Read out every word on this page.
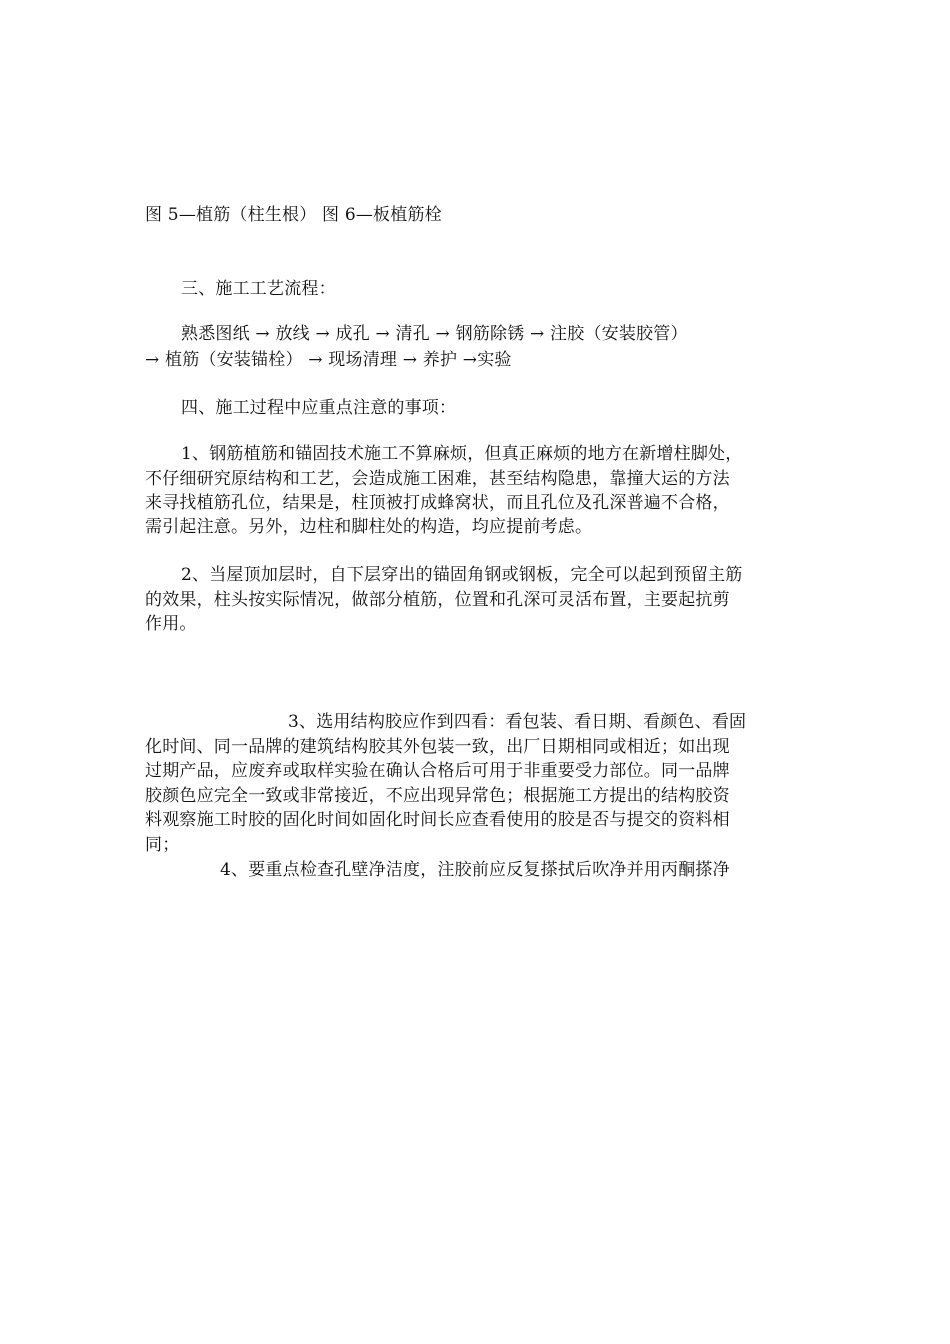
图 5—植筋（柱生根） 图 6—板植筋栓
三、施工工艺流程：
熟悉图纸 → 放线 → 成孔 → 清孔 → 钢筋除锈 → 注胶（安装胶管）
→ 植筋（安装锚栓） → 现场清理 → 养护 →实验
四、施工过程中应重点注意的事项：
1、钢筋植筋和锚固技术施工不算麻烦，但真正麻烦的地方在新增柱脚处，
不仔细研究原结构和工艺，会造成施工困难，甚至结构隐患，靠撞大运的方法
来寻找植筋孔位，结果是，柱顶被打成蜂窝状，而且孔位及孔深普遍不合格，
需引起注意。另外，边柱和脚柱处的构造，均应提前考虑。
2、当屋顶加层时，自下层穿出的锚固角钢或钢板，完全可以起到预留主筋
的效果，柱头按实际情况，做部分植筋，位置和孔深可灵活布置，主要起抗剪
作用。
3、选用结构胶应作到四看：看包装、看日期、看颜色、看固
化时间、同一品牌的建筑结构胶其外包装一致，出厂日期相同或相近；如出现
过期产品，应废弃或取样实验在确认合格后可用于非重要受力部位。同一品牌
胶颜色应完全一致或非常接近，不应出现异常色；根据施工方提出的结构胶资
料观察施工时胶的固化时间如固化时间长应查看使用的胶是否与提交的资料相
同；
4、要重点检查孔壁净洁度，注胶前应反复搽拭后吹净并用丙酮搽净
